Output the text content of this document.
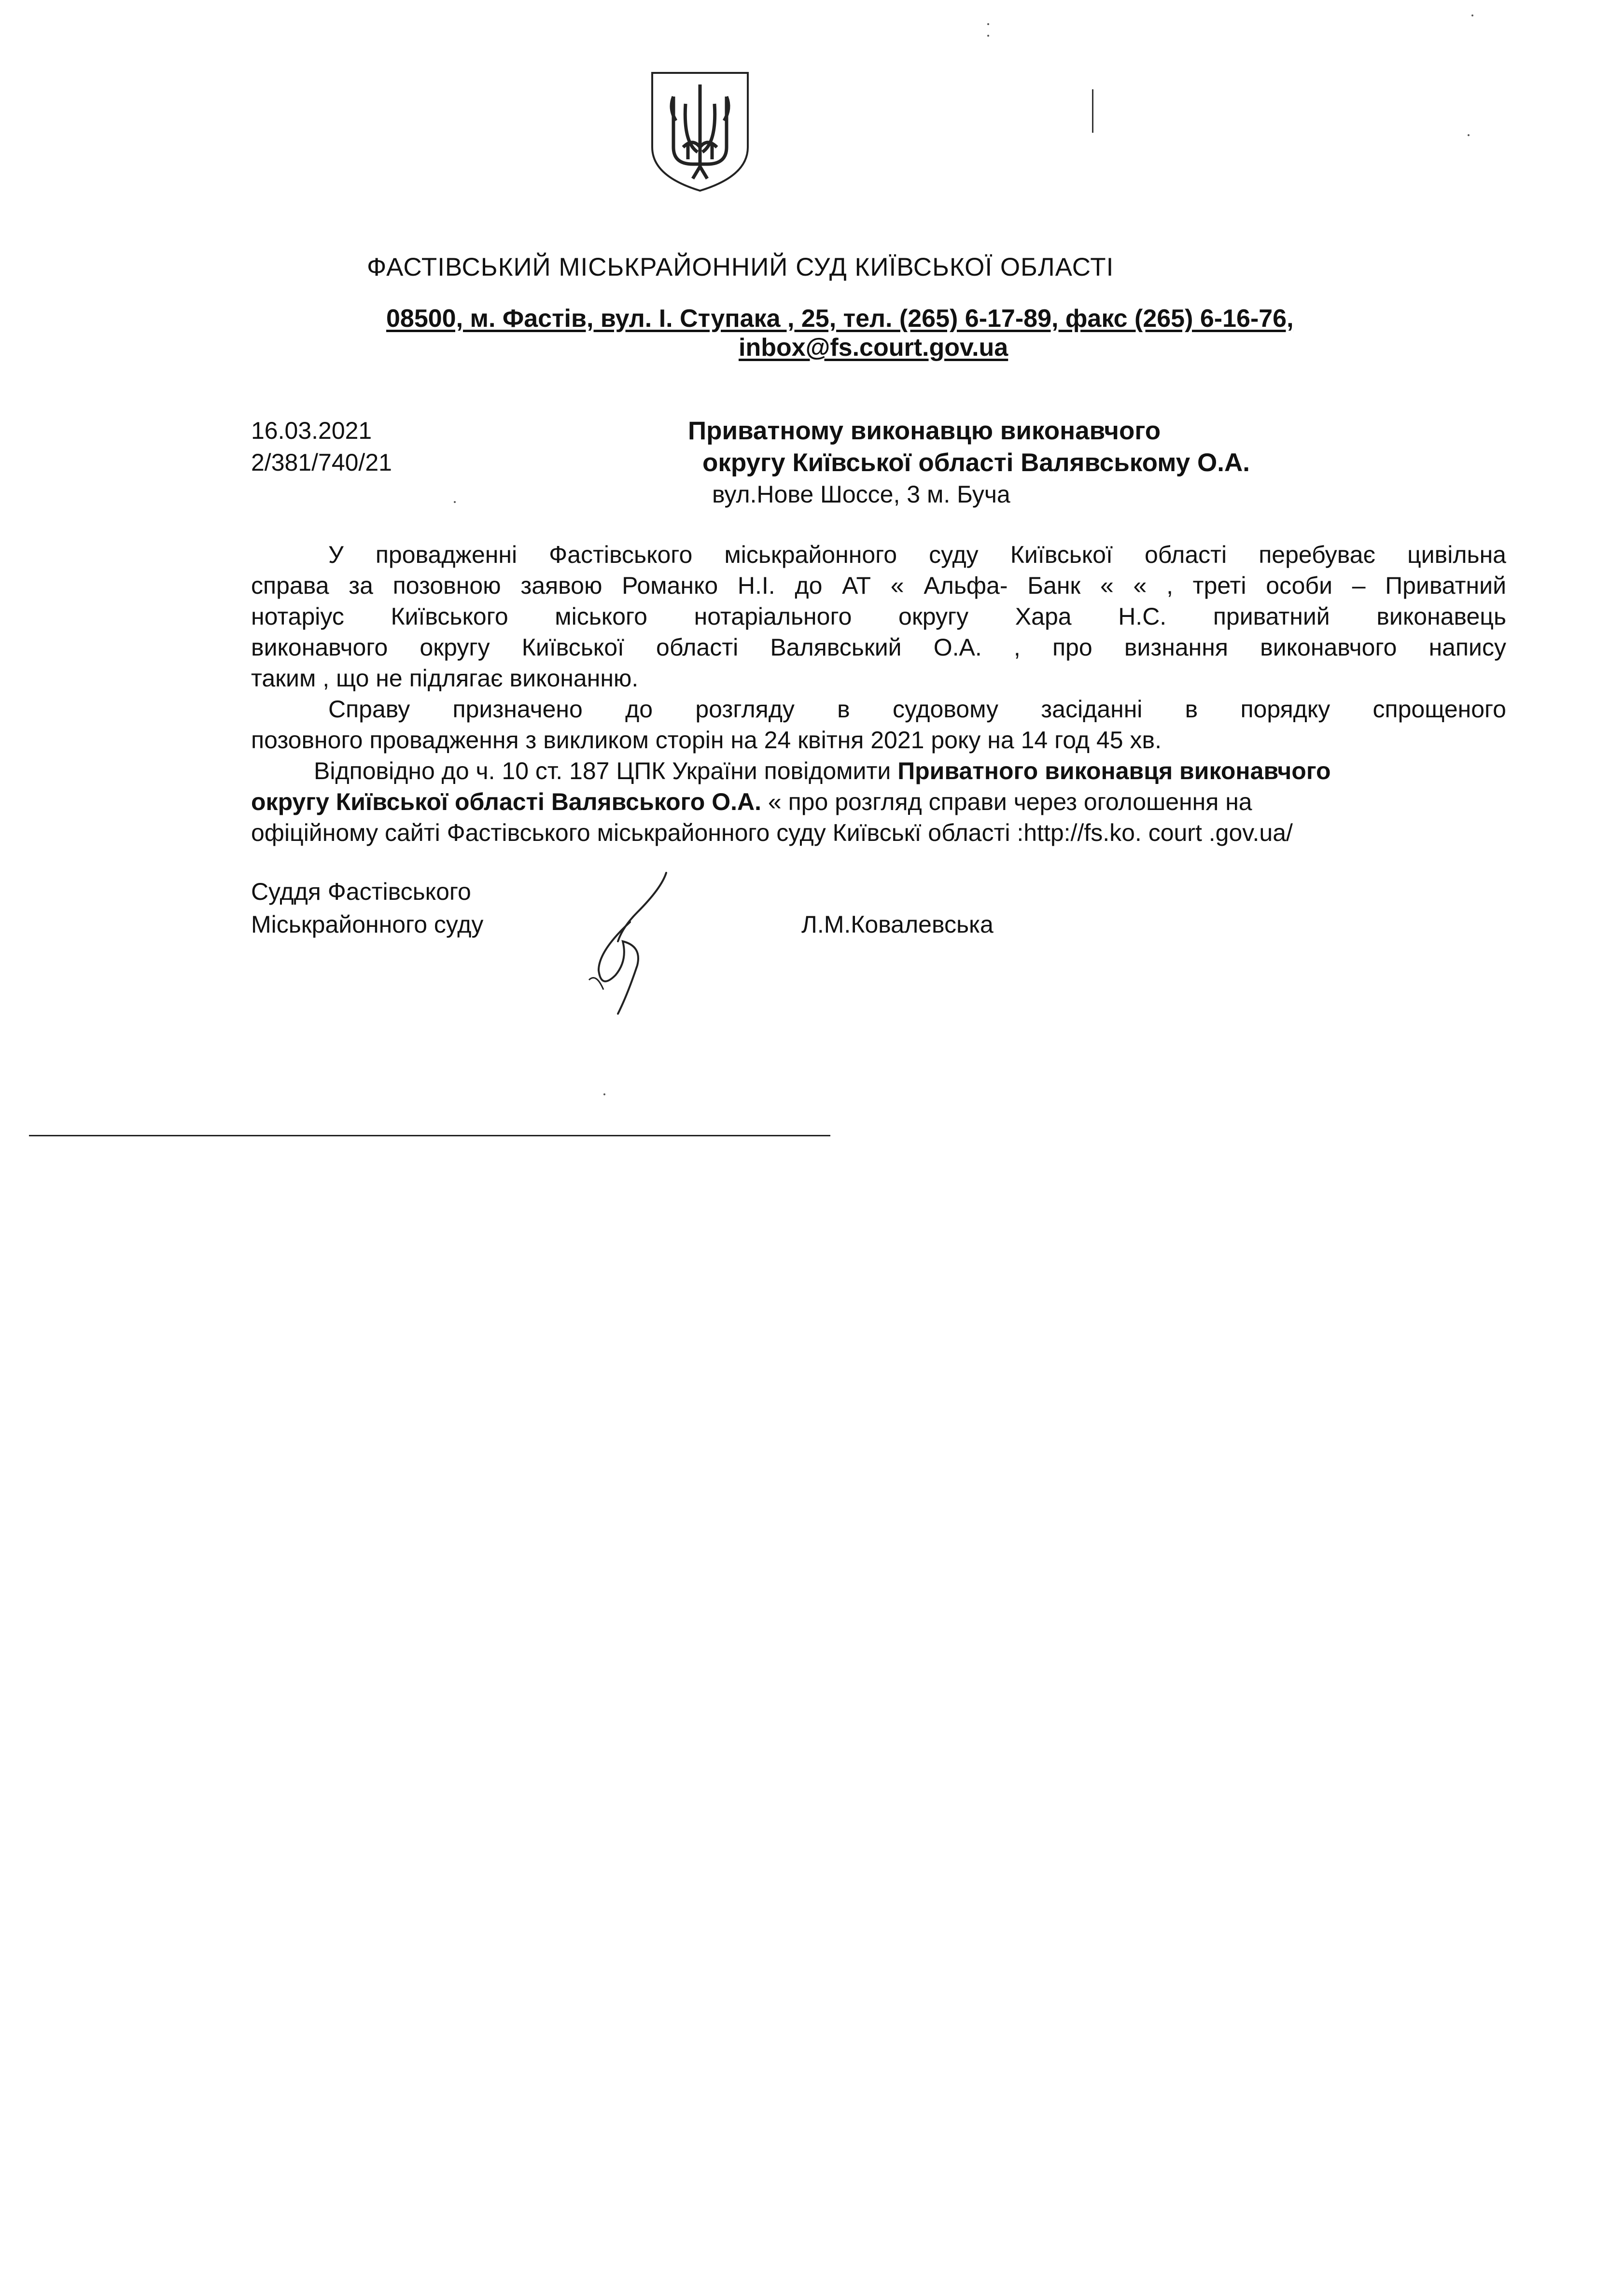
ФАСТІВСЬКИЙ МІСЬКРАЙОННИЙ СУД КИЇВСЬКОЇ ОБЛАСТІ
08500, м. Фастів, вул. І. Ступака , 25, тел. (265) 6-17-89, факс (265) 6-16-76,
inbox@fs.court.gov.ua
16.03.2021
2/381/740/21
Приватному виконавцю виконавчого
округу Київської області Валявському О.А.
вул.Нове Шоссе, 3 м. Буча
У провадженні Фастівського міськрайонного суду Київської області перебуває цивільна
справа за позовною заявою Романко Н.І. до АТ « Альфа- Банк « « , треті особи – Приватний
нотаріус Київського міського нотаріального округу Хара Н.С. приватний виконавець
виконавчого округу Київської області Валявський О.А. , про визнання виконавчого напису
таким , що не підлягає виконанню.
Справу призначено до розгляду в судовому засіданні в порядку спрощеного
позовного провадження з викликом сторін на 24 квітня 2021 року на 14 год 45 хв.
Відповідно до ч. 10 ст. 187 ЦПК України повідомити Приватного виконавця виконавчого
округу Київської області Валявського О.А. « про розгляд справи через оголошення на
офіційному сайті Фастівського міськрайонного суду Київськї області :http://fs.ko. court .gov.ua/
Суддя Фастівського
Міськрайонного суду	Л.М.Ковалевська
